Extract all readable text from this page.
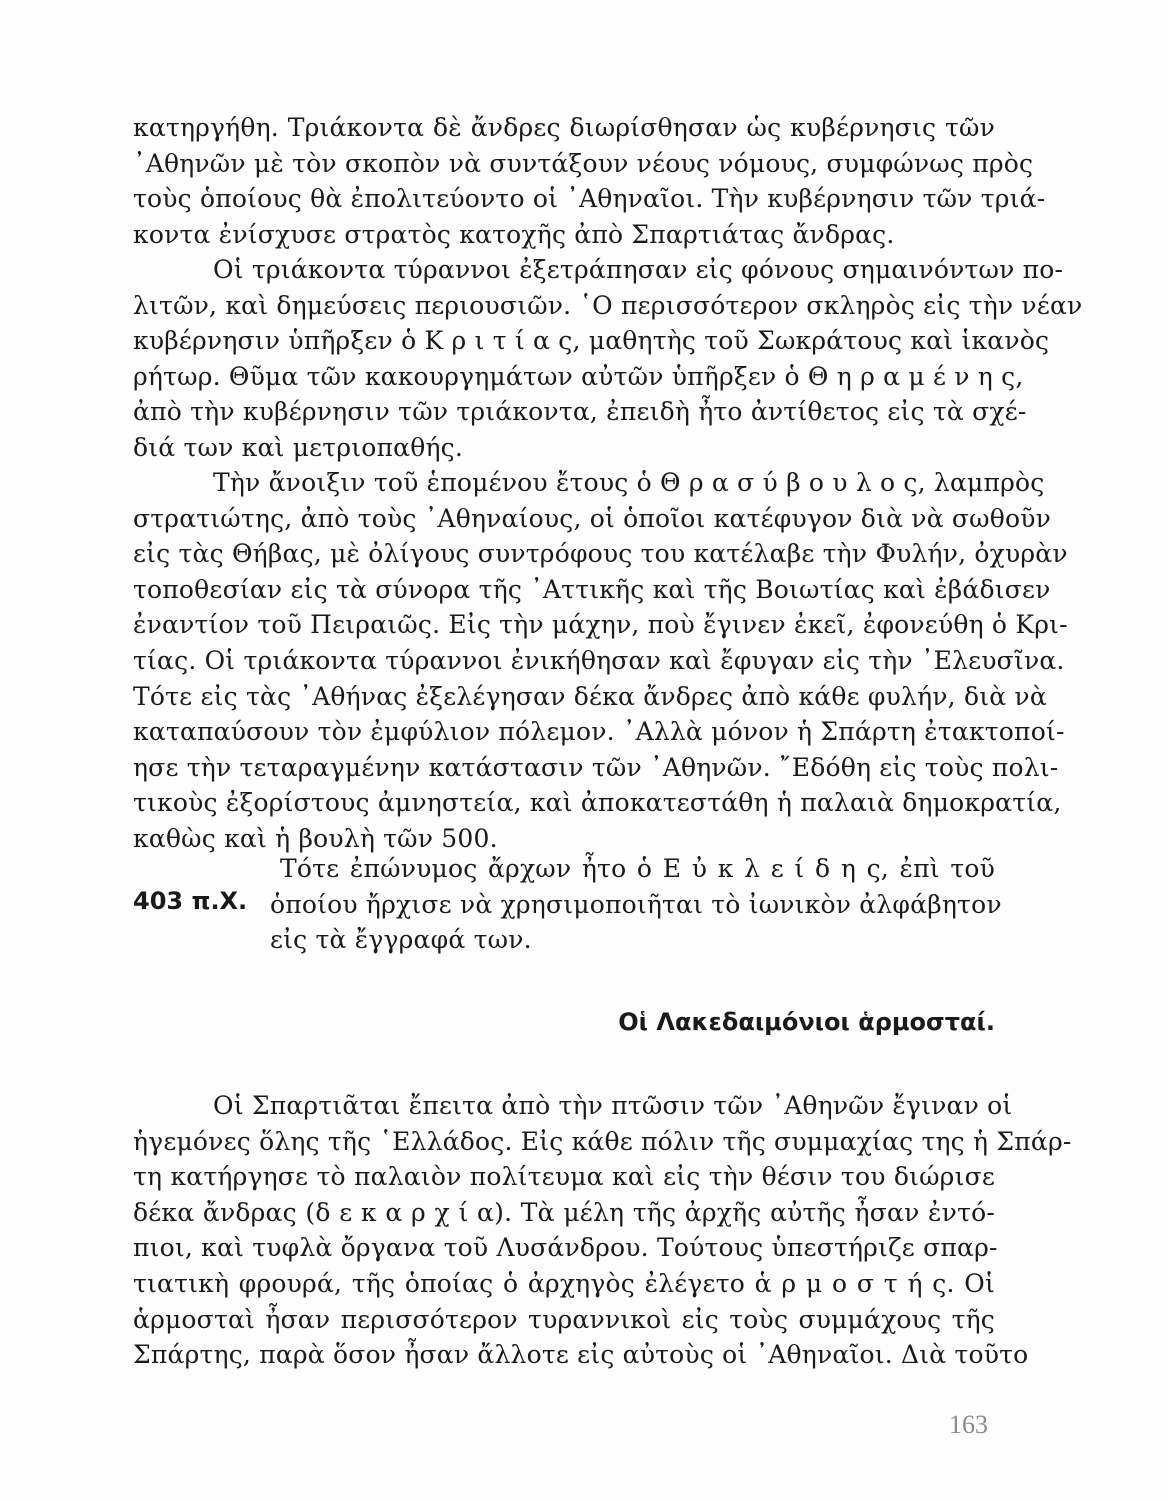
κατηργήθη. Τριάκοντα δὲ ἄνδρες διωρίσθησαν ὡς κυβέρνησις τῶν
᾿Αθηνῶν μὲ τὸν σκοπὸν νὰ συντάξουν νέους νόμους, συμφώνως πρὸς
τοὺς ὁποίους θὰ ἐπολιτεύοντο οἱ ᾿Αθηναῖοι. Τὴν κυβέρνησιν τῶν τριά-
κοντα ἐνίσχυσε στρατὸς κατοχῆς ἀπὸ Σπαρτιάτας ἄνδρας.
Οἱ τριάκοντα τύραννοι ἐξετράπησαν εἰς φόνους σημαινόντων πο-
λιτῶν, καὶ δημεύσεις περιουσιῶν. ῾Ο περισσότερον σκληρὸς εἰς τὴν νέαν
κυβέρνησιν ὑπῆρξεν ὁ Κ ρ ι τ ί α ς, μαθητὴς τοῦ Σωκράτους καὶ ἱκανὸς
ρήτωρ. Θῦμα τῶν κακουργημάτων αὐτῶν ὑπῆρξεν ὁ Θ η ρ α μ έ ν η ς,
ἀπὸ τὴν κυβέρνησιν τῶν τριάκοντα, ἐπειδὴ ἦτο ἀντίθετος εἰς τὰ σχέ-
διά των καὶ μετριοπαθής.
Τὴν ἄνοιξιν τοῦ ἑπομένου ἔτους ὁ Θ ρ α σ ύ β ο υ λ ο ς, λαμπρὸς
στρατιώτης, ἀπὸ τοὺς ᾿Αθηναίους, οἱ ὁποῖοι κατέφυγον διὰ νὰ σωθοῦν
εἰς τὰς Θήβας, μὲ ὀλίγους συντρόφους του κατέλαβε τὴν Φυλήν, ὀχυρὰν
τοποθεσίαν εἰς τὰ σύνορα τῆς ᾿Αττικῆς καὶ τῆς Βοιωτίας καὶ ἐβάδισεν
ἐναντίον τοῦ Πειραιῶς. Εἰς τὴν μάχην, ποὺ ἔγινεν ἐκεῖ, ἐφονεύθη ὁ Κρι-
τίας. Οἱ τριάκοντα τύραννοι ἐνικήθησαν καὶ ἔφυγαν εἰς τὴν ᾿Ελευσῖνα.
Τότε εἰς τὰς ᾿Αθήνας ἐξελέγησαν δέκα ἄνδρες ἀπὸ κάθε φυλήν, διὰ νὰ
καταπαύσουν τὸν ἐμφύλιον πόλεμον. ᾿Αλλὰ μόνον ἡ Σπάρτη ἐτακτοποί-
ησε τὴν τεταραγμένην κατάστασιν τῶν ᾿Αθηνῶν. ῎Εδόθη εἰς τοὺς πολι-
τικοὺς ἐξορίστους ἀμνηστεία, καὶ ἀποκατεστάθη ἡ παλαιὰ δημοκρατία,
καθὼς καὶ ἡ βουλὴ τῶν 500.
403 π.Χ.
Τότε ἐπώνυμος ἄρχων ἦτο ὁ Ε ὐ κ λ ε ί δ η ς, ἐπὶ τοῦ
ὁποίου ἤρχισε νὰ χρησιμοποιῆται τὸ ἰωνικὸν ἀλφάβητον
εἰς τὰ ἔγγραφά των.
Οἱ Λακεδαιμόνιοι ἁρμοσταί.
Οἱ Σπαρτιᾶται ἔπειτα ἀπὸ τὴν πτῶσιν τῶν ᾿Αθηνῶν ἔγιναν οἱ
ἡγεμόνες ὅλης τῆς ῾Ελλάδος. Εἰς κάθε πόλιν τῆς συμμαχίας της ἡ Σπάρ-
τη κατήργησε τὸ παλαιὸν πολίτευμα καὶ εἰς τὴν θέσιν του διώρισε
δέκα ἄνδρας (δ ε κ α ρ χ ί α). Τὰ μέλη τῆς ἀρχῆς αὐτῆς ἦσαν ἐντό-
πιοι, καὶ τυφλὰ ὄργανα τοῦ Λυσάνδρου. Τούτους ὑπεστήριζε σπαρ-
τιατικὴ φρουρά, τῆς ὁποίας ὁ ἀρχηγὸς ἐλέγετο ἁ ρ μ ο σ τ ή ς. Οἱ
ἁρμοσταὶ ἦσαν περισσότερον τυραννικοὶ εἰς τοὺς συμμάχους τῆς
Σπάρτης, παρὰ ὅσον ἦσαν ἄλλοτε εἰς αὐτοὺς οἱ ᾿Αθηναῖοι. Διὰ τοῦτο
163
